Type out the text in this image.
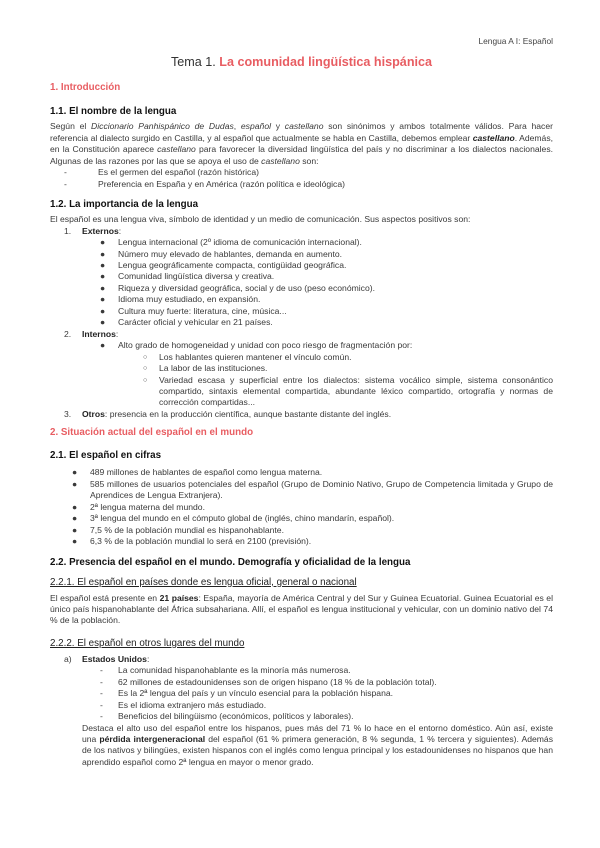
Lengua A I: Español
Tema 1. La comunidad lingüística hispánica
1. Introducción
1.1. El nombre de la lengua
Según el Diccionario Panhispánico de Dudas, español y castellano son sinónimos y ambos totalmente válidos. Para hacer referencia al dialecto surgido en Castilla, y al español que actualmente se habla en Castilla, debemos emplear castellano. Además, en la Constitución aparece castellano para favorecer la diversidad lingüística del país y no discriminar a los dialectos nacionales. Algunas de las razones por las que se apoya el uso de castellano son:
-	Es el germen del español (razón histórica)
-	Preferencia en España y en América (razón política e ideológica)
1.2. La importancia de la lengua
El español es una lengua viva, símbolo de identidad y un medio de comunicación. Sus aspectos positivos son:
1. Externos:
● Lengua internacional (2º idioma de comunicación internacional).
● Número muy elevado de hablantes, demanda en aumento.
● Lengua geográficamente compacta, contigüidad geográfica.
● Comunidad lingüística diversa y creativa.
● Riqueza y diversidad geográfica, social y de uso (peso económico).
● Idioma muy estudiado, en expansión.
● Cultura muy fuerte: literatura, cine, música...
● Carácter oficial y vehicular en 21 países.
2. Internos:
● Alto grado de homogeneidad y unidad con poco riesgo de fragmentación por:
○ Los hablantes quieren mantener el vínculo común.
○ La labor de las instituciones.
○ Variedad escasa y superficial entre los dialectos: sistema vocálico simple, sistema consonántico compartido, sintaxis elemental compartida, abundante léxico compartido, ortografía y normas de corrección compartidas...
3. Otros: presencia en la producción científica, aunque bastante distante del inglés.
2. Situación actual del español en el mundo
2.1. El español en cifras
● 489 millones de hablantes de español como lengua materna.
● 585 millones de usuarios potenciales del español (Grupo de Dominio Nativo, Grupo de Competencia limitada y Grupo de Aprendices de Lengua Extranjera).
● 2ª lengua materna del mundo.
● 3ª lengua del mundo en el cómputo global de (inglés, chino mandarín, español).
● 7,5 % de la población mundial es hispanohablante.
● 6,3 % de la población mundial lo será en 2100 (previsión).
2.2. Presencia del español en el mundo. Demografía y oficialidad de la lengua
2.2.1. El español en países donde es lengua oficial, general o nacional
El español está presente en 21 países: España, mayoría de América Central y del Sur y Guinea Ecuatorial. Guinea Ecuatorial es el único país hispanohablante del África subsahariana. Allí, el español es lengua institucional y vehicular, con un dominio nativo del 74 % de la población.
2.2.2. El español en otros lugares del mundo
a) Estados Unidos:
- La comunidad hispanohablante es la minoría más numerosa.
- 62 millones de estadounidenses son de origen hispano (18 % de la población total).
- Es la 2ª lengua del país y un vínculo esencial para la población hispana.
- Es el idioma extranjero más estudiado.
- Beneficios del bilingüismo (económicos, políticos y laborales).
Destaca el alto uso del español entre los hispanos, pues más del 71 % lo hace en el entorno doméstico. Aún así, existe una pérdida intergeneracional del español (61 % primera generación, 8 % segunda, 1 % tercera y siguientes). Además de los nativos y bilingües, existen hispanos con el inglés como lengua principal y los estadounidenses no hispanos que han aprendido español como 2ª lengua en mayor o menor grado.
